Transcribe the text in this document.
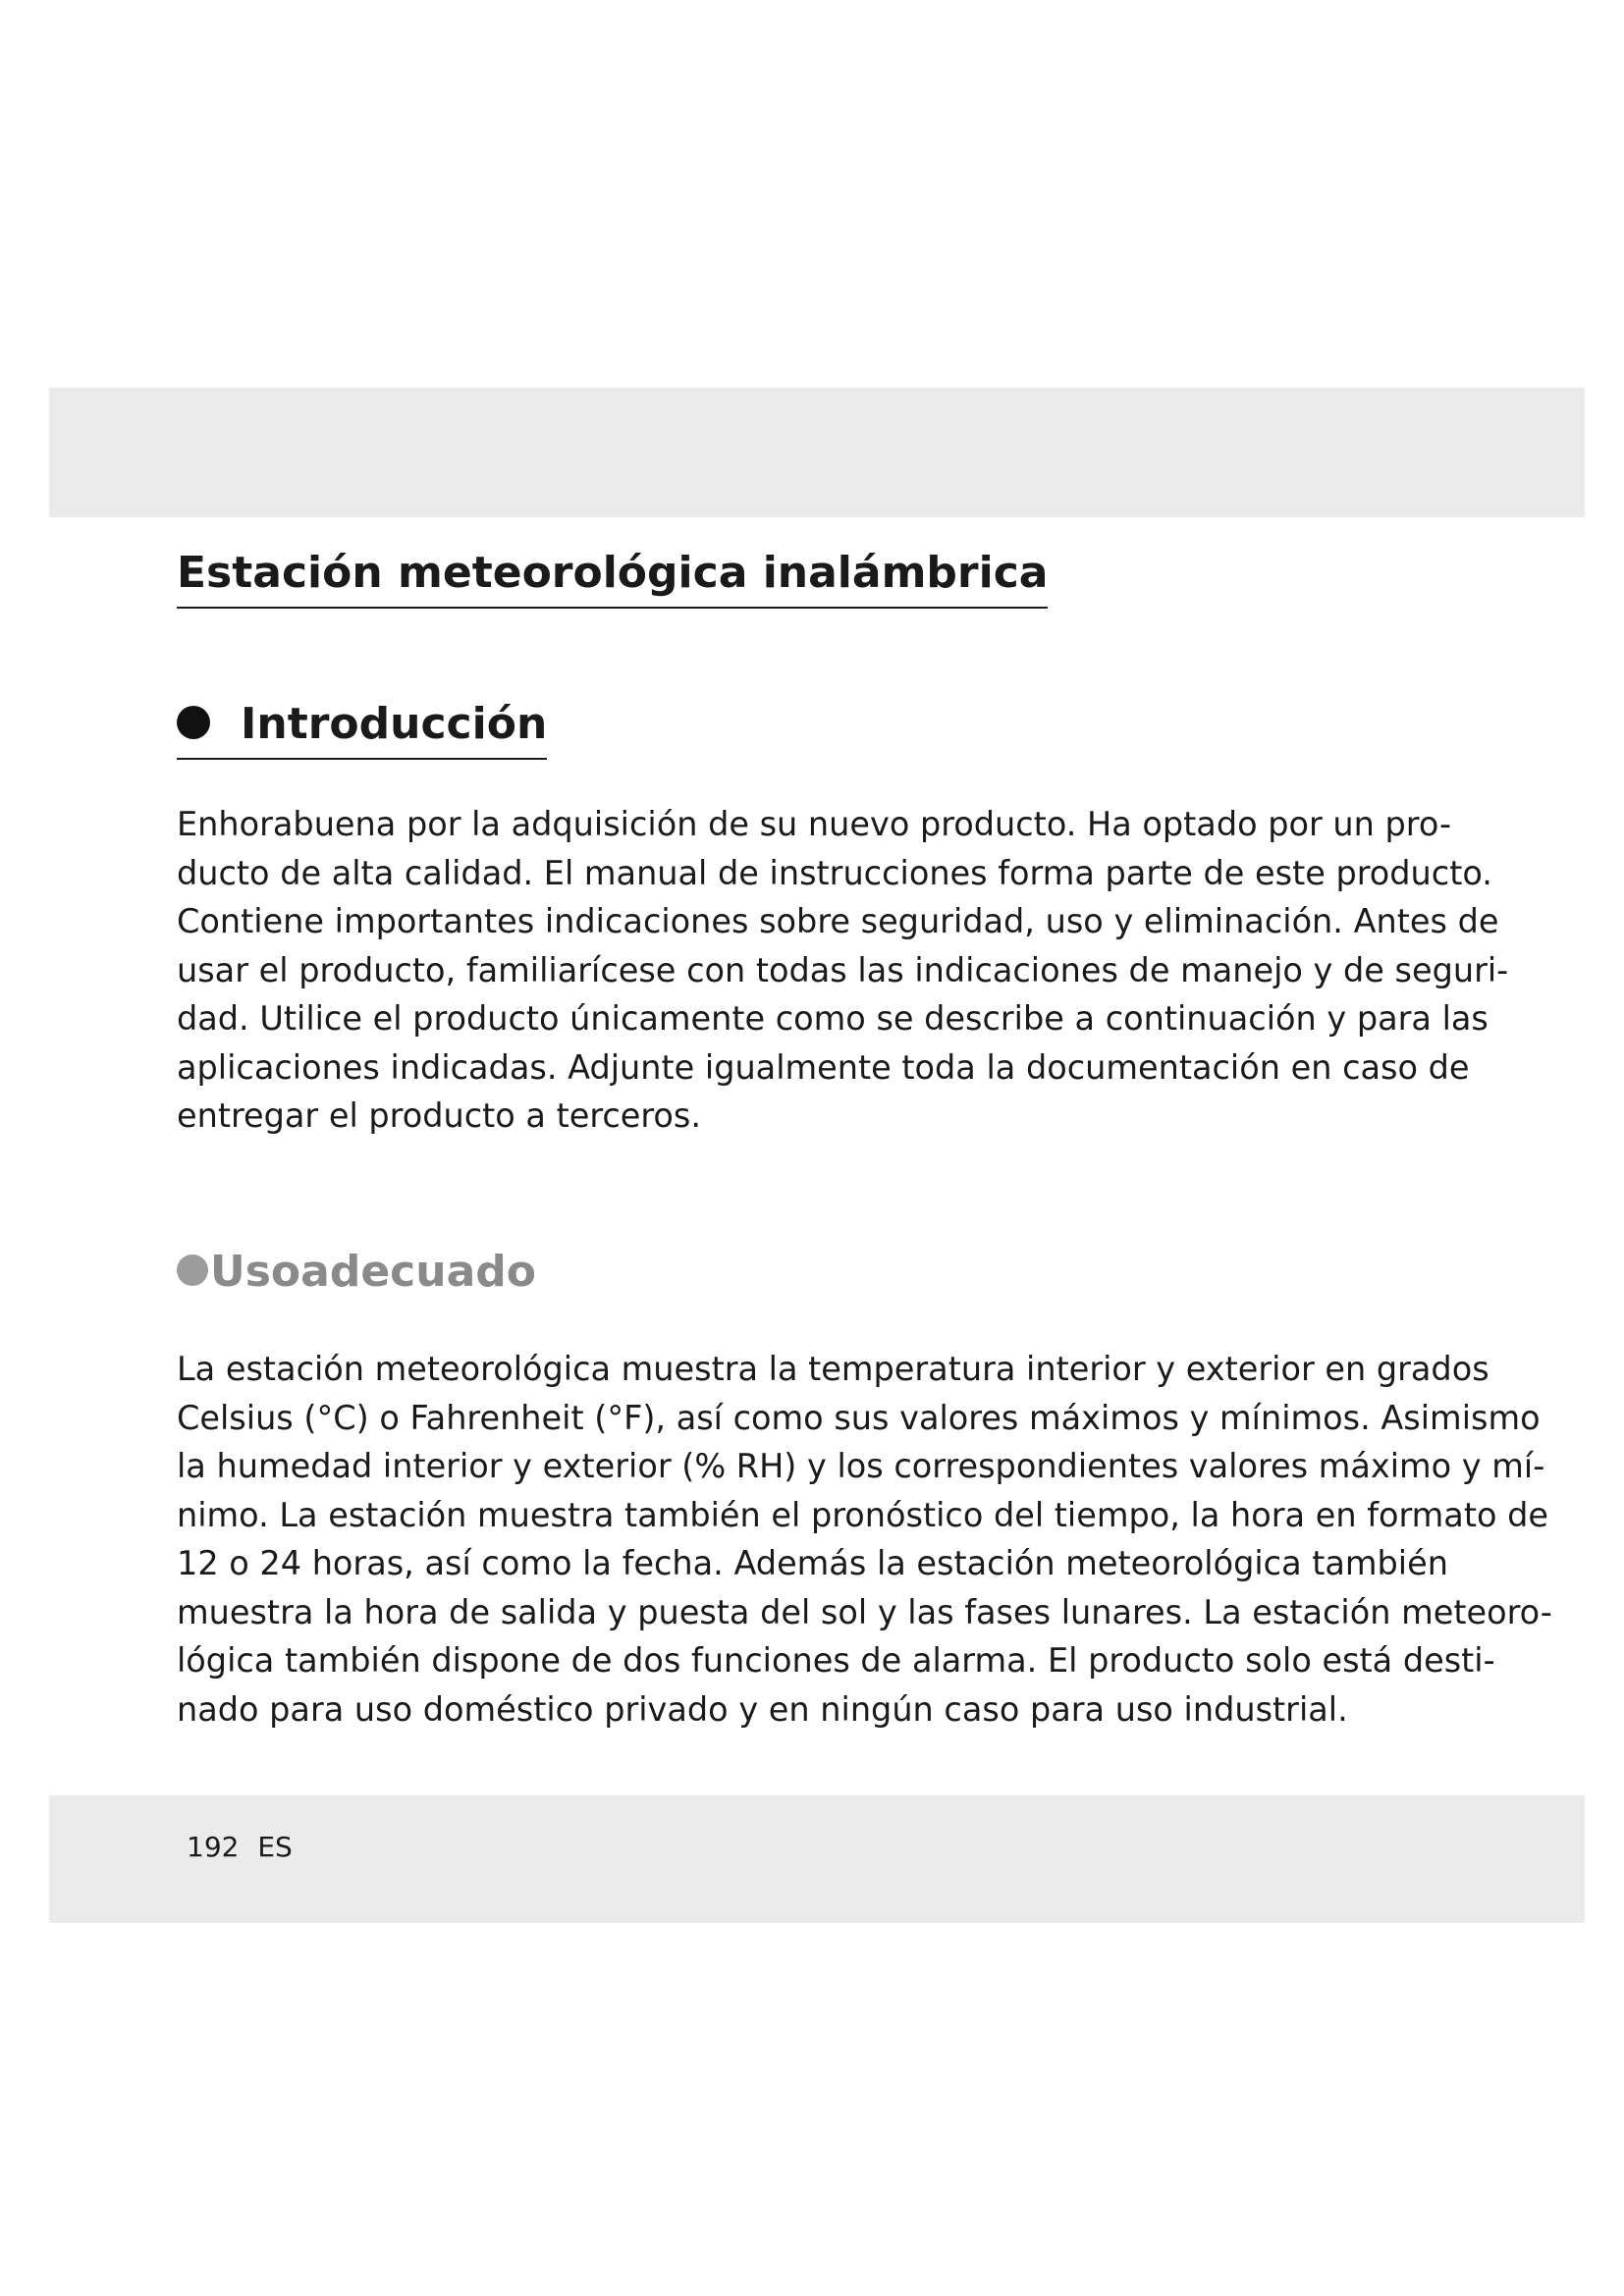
Estación meteorológica inalámbrica
Introducción
Enhorabuena por la adquisición de su nuevo producto. Ha optado por un pro-
ducto de alta calidad. El manual de instrucciones forma parte de este producto.
Contiene importantes indicaciones sobre seguridad, uso y eliminación. Antes de
usar el producto, familiarícese con todas las indicaciones de manejo y de seguri-
dad. Utilice el producto únicamente como se describe a continuación y para las
aplicaciones indicadas. Adjunte igualmente toda la documentación en caso de
entregar el producto a terceros.
Usoadecuado
La estación meteorológica muestra la temperatura interior y exterior en grados
Celsius (°C) o Fahrenheit (°F), así como sus valores máximos y mínimos. Asimismo
la humedad interior y exterior (% RH) y los correspondientes valores máximo y mí-
nimo. La estación muestra también el pronóstico del tiempo, la hora en formato de
12 o 24 horas, así como la fecha. Además la estación meteorológica también
muestra la hora de salida y puesta del sol y las fases lunares. La estación meteoro-
lógica también dispone de dos funciones de alarma. El producto solo está desti-
nado para uso doméstico privado y en ningún caso para uso industrial.
192 ES
